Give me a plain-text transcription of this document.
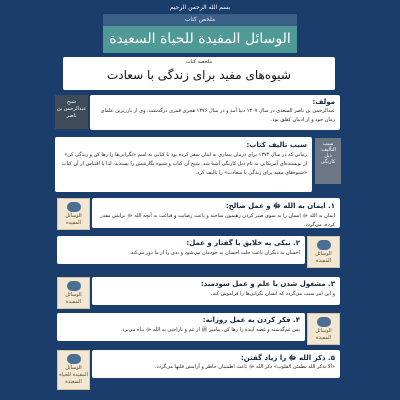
بسم الله الرحمن الرحيم
ملخص كتاب
الوسائل المفيدة للحياة السعيدة
ملخصه کتاب
شیوه‌های مفید برای زندگی با سعادت
شيخ عبدالرحمن بن ناصر
مولف:
عبدالرحمن بن ناصر السعدی در سال ۱۳۰۷ دنیا آمد و در سال ۱۳۷۶ هجری قمری درگذشت. وی از بارزترین علمای زمان خود و از ادیبان کقلق بود.
سبب تالیف کتاب:
زمانی که در سال ۱۳۷۴ برای درمان بیماری به لبنان سفر کرده بود با کتابی به اسم «نگرانی‌ها را رها کن و زندگی کن» از نویسنده‌ای آمریکایی به نام دیل کارنگی آشنا شد. شیخ آن کتاب و شیوه نگارشش را پسندید، لذا با اقتباس از آن کتاب «شیوه‌های مفید برای زندگی با سعادت» را تالیف کرد.
سبب التأليف: دیل کارنگی
الوسائل المفيدة
۱. ایمان به الله ﷻ و عمل صالح:
ایمان به الله ﷻ انسان را به سوی صبر کردن رهنمون ساخته و باعث رضایت و قناعت به آنچه الله ﷻ برایش مقدر کرده، می‌گردد.
۲. نیکی به خلایق با گفتار و عمل:
احسان به دیگران باعث جلب احسان به خودمان می‌شود و بدی را از ما دور می‌کند.	الوسائل المفيدة
الوسائل المفيدة
۳. مشغول شدن با علم و عمل سودمند:
و این امر سبب می‌گردد که انسان نگرانی‌ها را فراموش کند.
۴. فکر کردن به عمل روزانه:
پس غم‌گذشته و غصه آینده را رها کن، پیامبر ﷺ از غم و ناراحتی به الله ﷻ پناه می‌برد.	الوسائل المفيدة
الوسائل المفيدة للحياة السعيدة
۵. ذکر الله ﷻ را زیاد گفتن:
«ألا بذكر الله تطمئن القلوب» ذکر الله ﷻ باعث اطمینان خاطر و آرامش قلبها می‌گردد.
